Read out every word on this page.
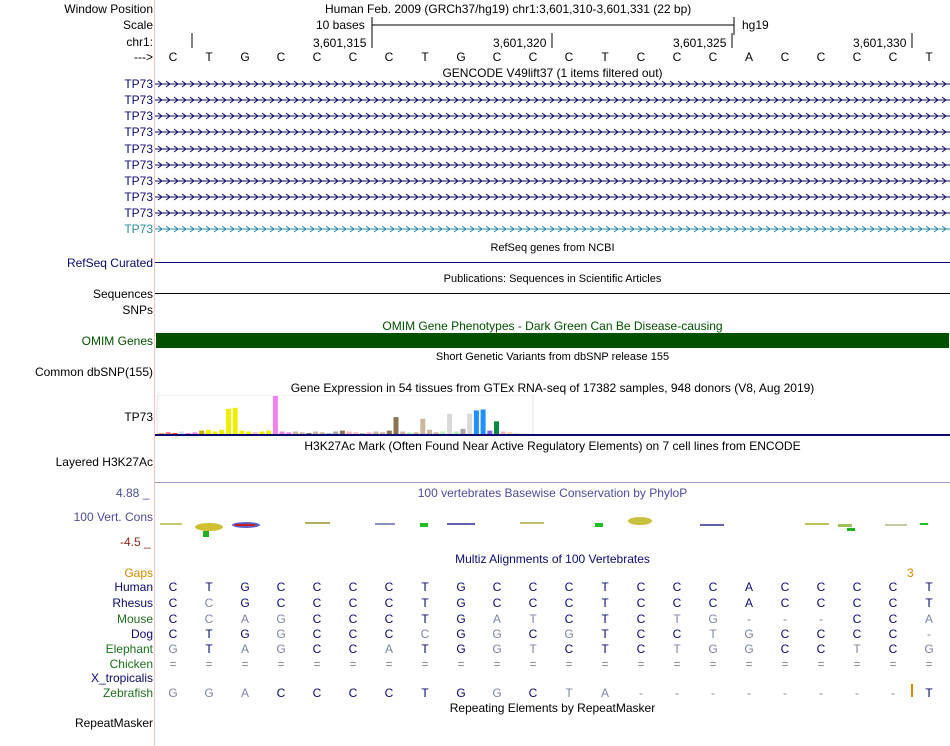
Window Position	Human Feb. 2009 (GRCh37/hg19) chr1:3,601,310-3,601,331 (22 bp)
Scale	10 bases	hg19
chr1:	3,601,315	3,601,320	3,601,325	3,601,330
---> C T G C C C C T G C C C T C C C A C C C C T
GENCODE V49lift37 (1 items filtered out)
TP73
TP73
TP73
TP73
TP73
TP73
TP73
TP73
TP73
TP73
RefSeq genes from NCBI
RefSeq Curated
Publications: Sequences in Scientific Articles
Sequences
SNPs
OMIM Gene Phenotypes - Dark Green Can Be Disease-causing
OMIM Genes
Short Genetic Variants from dbSNP release 155
Common dbSNP(155)
Gene Expression in 54 tissues from GTEx RNA-seq of 17382 samples, 948 donors (V8, Aug 2019)
TP73
H3K27Ac Mark (Often Found Near Active Regulatory Elements) on 7 cell lines from ENCODE
Layered H3K27Ac
100 vertebrates Basewise Conservation by PhyloP
4.88 _
100 Vert. Cons
-4.5 _
Multiz Alignments of 100 Vertebrates
Gaps	3
Human C T G C C C C T G C C C T C C C A C C C C T
Rhesus C C G C C C C T G C C C T C C C A C C C C T
Mouse C C A G C C C T G A T C T C T G	-	-	-	C C A
Dog C T G G C C C C G G C G T C C T G C C C C	-
Elephant G T A G C C A T G G T C T C T G G C C T C G
Chicken = = = = = = = = = = = = = = = = = = = = = =
X_tropicalis
Zebrafish G G A C C C C T G G C T A	-	-	-	-	-	-	-	-	T
Repeating Elements by RepeatMasker
RepeatMasker
